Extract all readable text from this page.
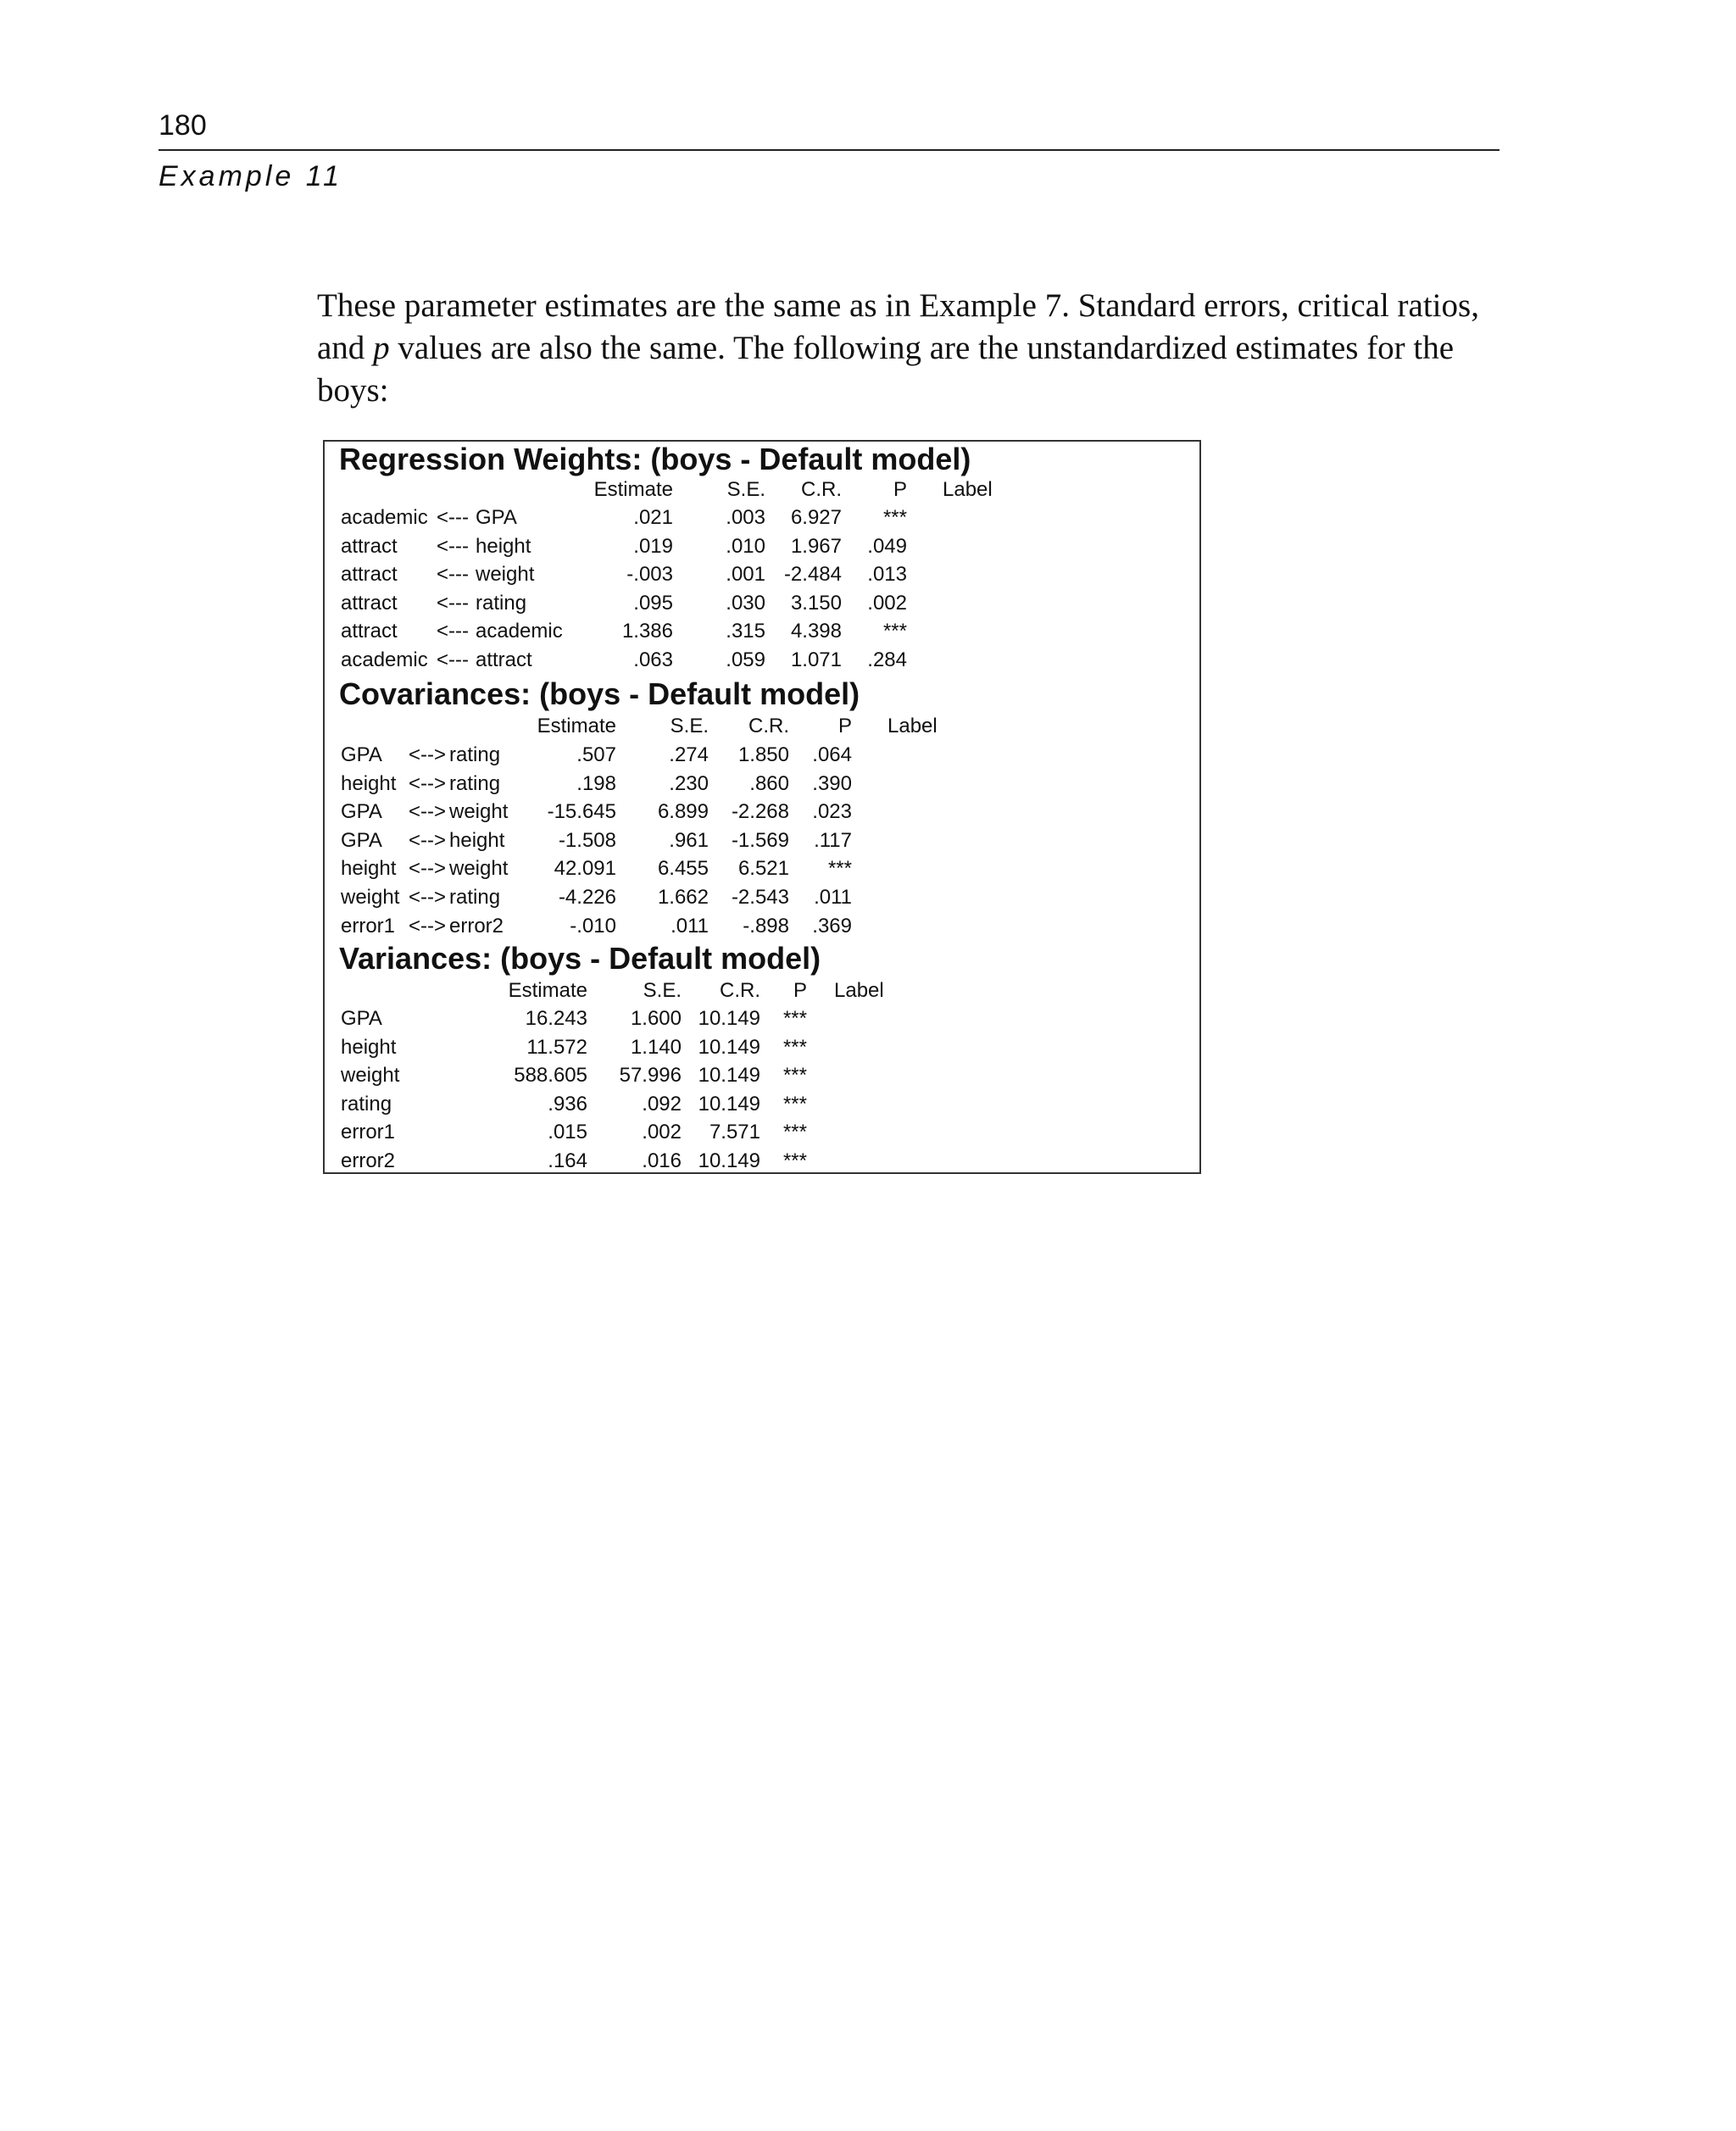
180

Example 11

These parameter estimates are the same as in Example 7. Standard errors, critical ratios, and p values are also the same. The following are the unstandardized estimates for the boys:

Regression Weights: (boys - Default model)
Covariances: (boys - Default model)
Variances: (boys - Default model)
Estimate	S.E. C.R.	P Label
academic <--- GPA	.021	.003 6.927 ***
attract <--- height	.019	.010 1.967 .049
attract <--- weight	-.003	.001 -2.484 .013
attract <--- rating	.095	.030 3.150 .002
attract <--- academic	1.386	.315 4.398 ***
academic <--- attract	.063	.059 1.071 .284
Estimate	S.E. C.R. P Label
GPA <--> rating	.507	.274 1.850 .064
height <--> rating	.198	.230 .860 .390
GPA <--> weight -15.645 6.899 -2.268 .023
GPA <--> height	-1.508	.961 -1.569 .117
height <--> weight 42.091 6.455 6.521 ***
weight <--> rating	-4.226 1.662 -2.543 .011
error1 <--> error2	-.010	.011 -.898 .369
Estimate	S.E. C.R. P Label
GPA	16.243 1.600 10.149 ***
height	11.572 1.140 10.149 ***
weight	588.605 57.996 10.149 ***
rating	.936	.092 10.149 ***
error1	.015	.002 7.571 ***
error2	.164	.016 10.149 ***
